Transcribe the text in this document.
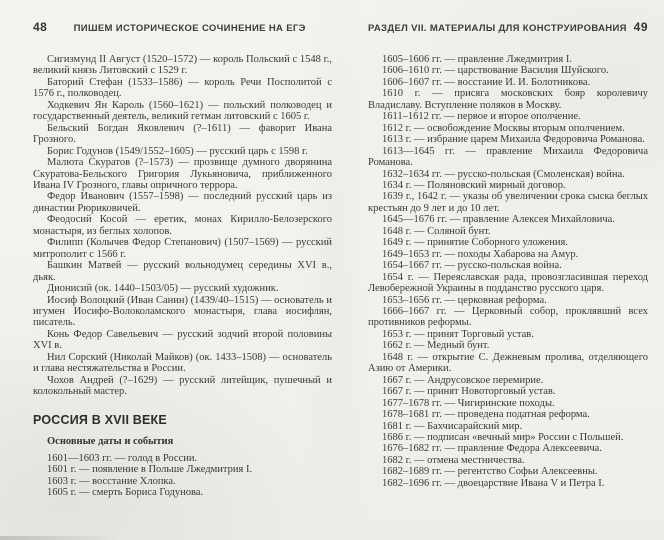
48	ПИШЕМ ИСТОРИЧЕСКОЕ СОЧИНЕНИЕ НА ЕГЭ

Сигизмунд II Август (1520–1572) — король Польский с 1548 г., великий князь Литовский с 1529 г.

Баторий Стефан (1533–1586) — король Речи Посполитой с 1576 г., полководец.

Ходкевич Ян Кароль (1560–1621) — польский полководец и государственный деятель, великий гетман литовский с 1605 г.

Бельский Богдан Яковлевич (?–1611) — фаворит Ивана Грозного.

Борис Годунов (1549/1552–1605) — русский царь с 1598 г.

Малюта Скуратов (?–1573) — прозвище думного дворянина Скуратова-Бельского Григория Лукьяновича, приближенного Ивана IV Грозного, главы опричного террора.

Федор Иванович (1557–1598) — последний русский царь из династии Рюриковичей.

Феодосий Косой — еретик, монах Кирилло-Белозерского монастыря, из беглых холопов.

Филипп (Колычев Федор Степанович) (1507–1569) — русский митрополит с 1566 г.

Башкин Матвей — русский вольнодумец середины XVI в., дьяк.

Дионисий (ок. 1440–1503/05) — русский художник.

Иосиф Волоцкий (Иван Санин) (1439/40–1515) — основатель и игумен Иосифо-Волоколамского монастыря, глава иосифлян, писатель.

Конь Федор Савельевич — русский зодчий второй половины XVI в.

Нил Сорский (Николай Майков) (ок. 1433–1508) — основатель и глава нестяжательства в России.

Чохов Андрей (?–1629) — русский литейщик, пушечный и колокольный мастер.

РОССИЯ В XVII ВЕКЕ
Основные даты и события

1601—1603 гг. — голод в России.

1601 г. — появление в Польше Лжедмитрия I.

1603 г. — восстание Хлопка.

1605 г. — смерть Бориса Годунова.

РАЗДЕЛ VII. МАТЕРИАЛЫ ДЛЯ КОНСТРУИРОВАНИЯ 49

1605–1606 гг. — правление Лжедмитрия I.

1606–1610 гг. — царствование Василия Шуйского.

1606–1607 гг. — восстание И. И. Болотникова.

1610 г. — присяга московских бояр королевичу Владиславу. Вступление поляков в Москву.

1611–1612 гг. — первое и второе ополчение.

1612 г. — освобождение Москвы вторым ополчением.

1613 г. — избрание царем Михаила Федоровича Романова.

1613—1645 гг. — правление Михаила Федоровича Романова.

1632–1634 гг. — русско-польская (Смоленская) война.

1634 г. — Поляновский мирный договор.

1639 г., 1642 г. — указы об увеличении срока сыска беглых крестьян до 9 лет и до 10 лет.

1645—1676 гг. — правление Алексея Михайловича.

1648 г. — Соляной бунт.

1649 г. — принятие Соборного уложения.

1649–1653 гг. — походы Хабарова на Амур.

1654–1667 гг. — русско-польская война.

1654 г. — Переяславская рада, провозгласившая переход Левобережной Украины в подданство русского царя.

1653–1656 гг. — церковная реформа.

1666–1667 гг. — Церковный собор, проклявший всех противников реформы.

1653 г. — принят Торговый устав.

1662 г. — Медный бунт.

1648 г. — открытие С. Дежневым пролива, отделяющего Азию от Америки.

1667 г. — Андрусовское перемирие.

1667 г. — принят Новоторговый устав.

1677–1678 гг. — Чигиринские походы.

1678–1681 гг. — проведена податная реформа.

1681 г. — Бахчисарайский мир.

1686 г. — подписан «вечный мир» России с Польшей.

1676–1682 гг. — правление Федора Алексеевича.

1682 г. — отмена местничества.

1682–1689 гг. — регентство Софьи Алексеевны.

1682–1696 гг. — двоецарствие Ивана V и Петра I.
